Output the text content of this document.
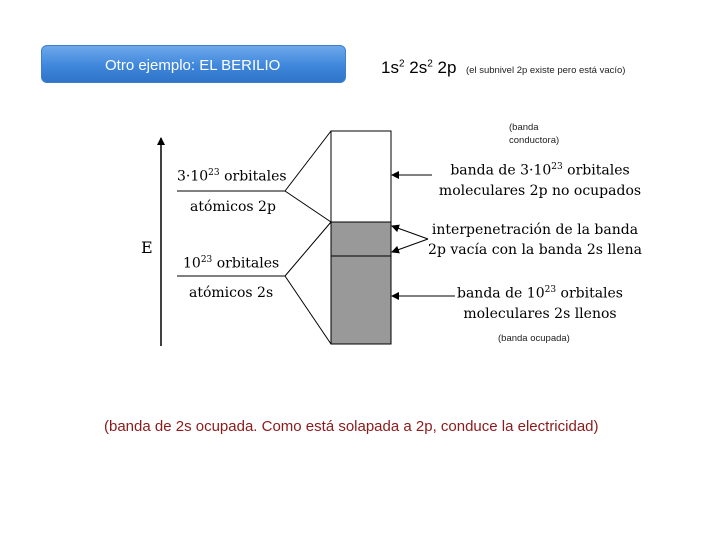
Otro ejemplo: EL BERILIO	$1s^2$ $2s^2$ 2p (el subnivel 2p existe pero está vacío)
(banda
conductora)
E
$3\cdot 10^{23}$ orbitales
atómicos 2p
$10^{23}$ orbitales
atómicos 2s
banda de $3\cdot 10^{23}$ orbitales
moleculares 2p no ocupados
interpenetración de la banda
2p vacía con la banda 2s llena
banda de $10^{23}$ orbitales
moleculares 2s llenos
(banda ocupada)
(banda de 2s ocupada. Como está solapada a 2p, conduce la electricidad)
